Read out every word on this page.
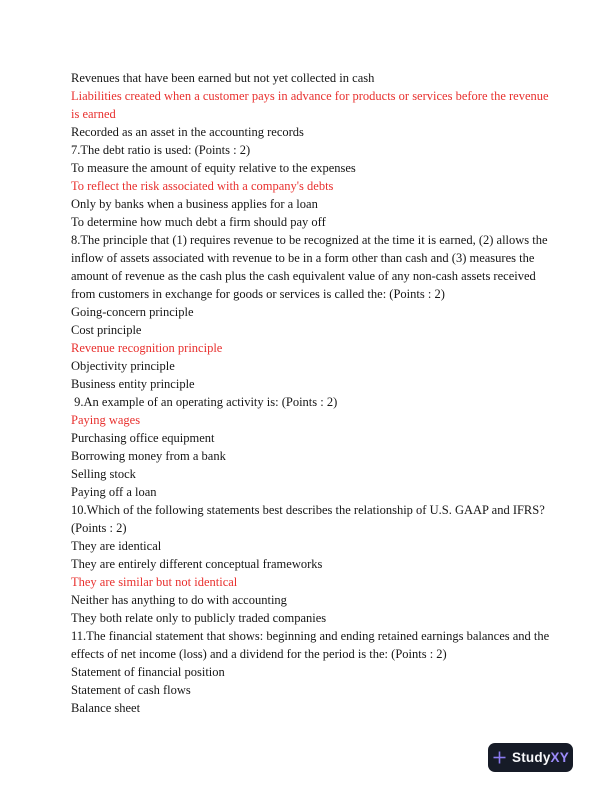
Revenues that have been earned but not yet collected in cash
Liabilities created when a customer pays in advance for products or services before the revenue
is earned
Recorded as an asset in the accounting records
7.The debt ratio is used: (Points : 2)
To measure the amount of equity relative to the expenses
To reflect the risk associated with a company's debts
Only by banks when a business applies for a loan
To determine how much debt a firm should pay off
8.The principle that (1) requires revenue to be recognized at the time it is earned, (2) allows the
inflow of assets associated with revenue to be in a form other than cash and (3) measures the
amount of revenue as the cash plus the cash equivalent value of any non-cash assets received
from customers in exchange for goods or services is called the: (Points : 2)
Going-concern principle
Cost principle
Revenue recognition principle
Objectivity principle
Business entity principle
9.An example of an operating activity is: (Points : 2)
Paying wages
Purchasing office equipment
Borrowing money from a bank
Selling stock
Paying off a loan
10.Which of the following statements best describes the relationship of U.S. GAAP and IFRS?
(Points : 2)
They are identical
They are entirely different conceptual frameworks
They are similar but not identical
Neither has anything to do with accounting
They both relate only to publicly traded companies
11.The financial statement that shows: beginning and ending retained earnings balances and the
effects of net income (loss) and a dividend for the period is the: (Points : 2)
Statement of financial position
Statement of cash flows
Balance sheet
StudyXY
